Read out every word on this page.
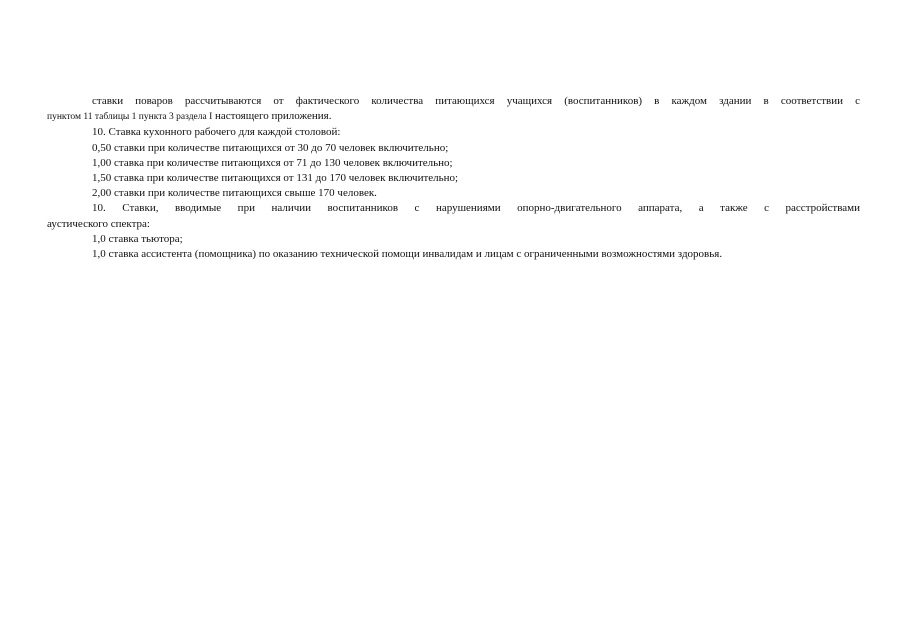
ставки поваров рассчитываются от фактического количества питающихся учащихся (воспитанников) в каждом здании в соответствии с
пунктом 11 таблицы 1 пункта 3 раздела I настоящего приложения.
10. Ставка кухонного рабочего для каждой столовой:
0,50 ставки при количестве питающихся от 30 до 70 человек включительно;
1,00 ставка при количестве питающихся от 71 до 130 человек включительно;
1,50 ставка при количестве питающихся от 131 до 170 человек включительно;
2,00 ставки при количестве питающихся свыше 170 человек.
10. Ставки, вводимые при наличии воспитанников с нарушениями опорно-двигательного аппарата, а также с расстройствами
аустического спектра:
1,0 ставка тьютора;
1,0 ставка ассистента (помощника) по оказанию технической помощи инвалидам и лицам с ограниченными возможностями здоровья.
